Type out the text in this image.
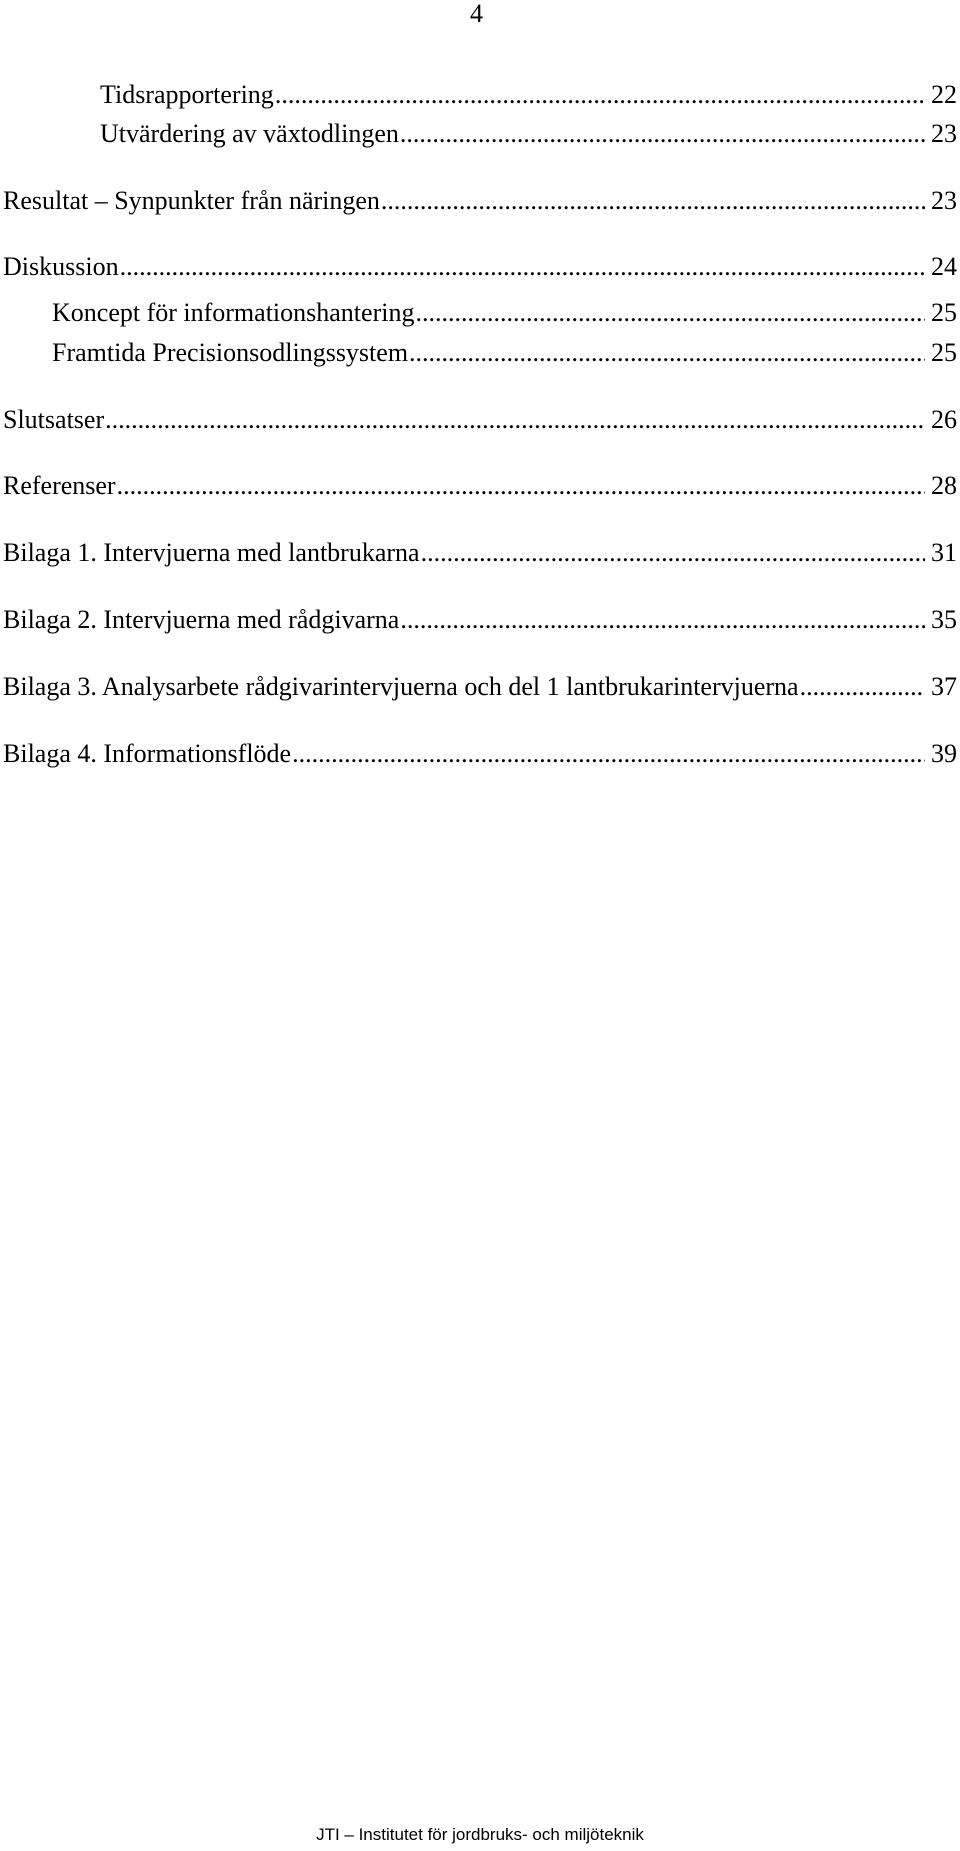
4
Tidsrapportering .....	22
Utvärdering av växtodlingen .....	23
Resultat – Synpunkter från näringen .....	23
Diskussion .....	24
Koncept för informationshantering .....	25
Framtida Precisionsodlingssystem .....	25
Slutsatser .....	26
Referenser .....	28
Bilaga 1. Intervjuerna med lantbrukarna .....	31
Bilaga 2. Intervjuerna med rådgivarna .....	35
Bilaga 3. Analysarbete rådgivarintervjuerna och del 1 lantbrukarintervjuerna .....	37
Bilaga 4. Informationsflöde .....	39
JTI – Institutet för jordbruks- och miljöteknik
